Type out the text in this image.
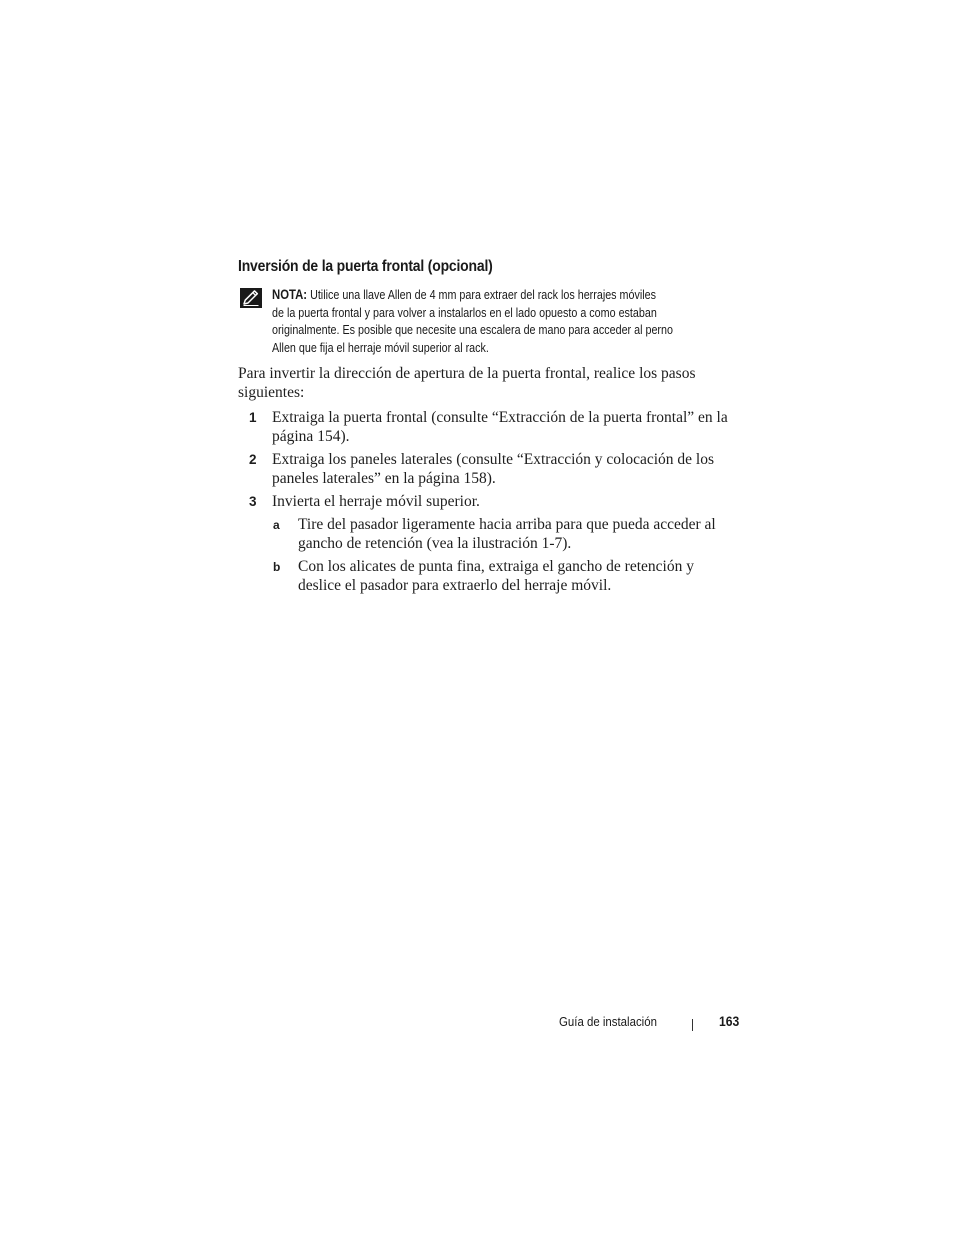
Inversión de la puerta frontal (opcional)
NOTA: Utilice una llave Allen de 4 mm para extraer del rack los herrajes móviles
de la puerta frontal y para volver a instalarlos en el lado opuesto a como estaban
originalmente. Es posible que necesite una escalera de mano para acceder al perno
Allen que fija el herraje móvil superior al rack.
Para invertir la dirección de apertura de la puerta frontal, realice los pasos
siguientes:
1 Extraiga la puerta frontal (consulte “Extracción de la puerta frontal” en la
página 154).
2 Extraiga los paneles laterales (consulte “Extracción y colocación de los
paneles laterales” en la página 158).
3 Invierta el herraje móvil superior.
a Tire del pasador ligeramente hacia arriba para que pueda acceder al
gancho de retención (vea la ilustración 1-7).
b Con los alicates de punta fina, extraiga el gancho de retención y
deslice el pasador para extraerlo del herraje móvil.
Guía de instalación	163
